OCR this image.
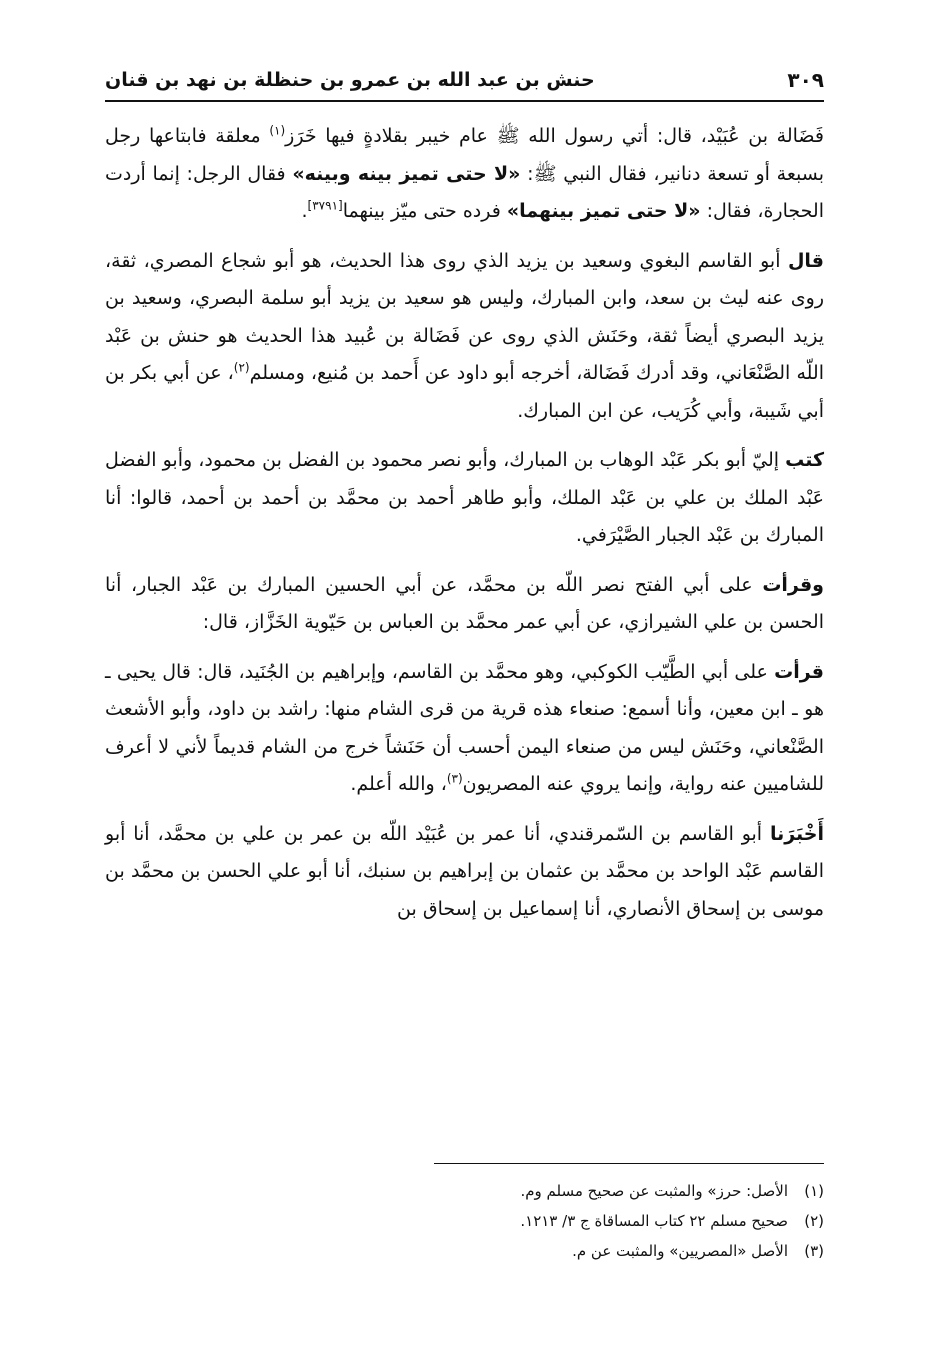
حنش بن عبد الله بن عمرو بن حنظلة بن نهد بن قنان	٣٠٩

فَضَالة بن عُبَيْد، قال: أتي رسول الله ﷺ عام خيبر بقلادةٍ فيها خَرَز$^{(١)}$ معلقة فابتاعها رجل بسبعة أو تسعة دنانير، فقال النبي ﷺ: «لا حتى تميز بينه وبينه» فقال الرجل: إنما أردت الحجارة، فقال: «لا حتى تميز بينهما» فرده حتى ميّز بينهما[٣٧٩١].

قال أبو القاسم البغوي وسعيد بن يزيد الذي روى هذا الحديث، هو أبو شجاع المصري، ثقة، روى عنه ليث بن سعد، وابن المبارك، وليس هو سعيد بن يزيد أبو سلمة البصري، وسعيد بن يزيد البصري أيضاً ثقة، وحَنَش الذي روى عن فَضَالة بن عُبيد هذا الحديث هو حنش بن عَبْد اللّه الصَّنْعَاني، وقد أدرك فَضَالة، أخرجه أبو داود عن أَحمد بن مُنيع، ومسلم$^{(٢)}$، عن أبي بكر بن أبي شَيبة، وأبي كُرَيب، عن ابن المبارك.

كتب إليّ أبو بكر عَبْد الوهاب بن المبارك، وأبو نصر محمود بن الفضل بن محمود، وأبو الفضل عَبْد الملك بن علي بن عَبْد الملك، وأبو طاهر أحمد بن محمَّد بن أحمد بن أحمد، قالوا: أنا المبارك بن عَبْد الجبار الصَّيْرَفي.

وقرأت على أبي الفتح نصر اللّه بن محمَّد، عن أبي الحسين المبارك بن عَبْد الجبار، أنا الحسن بن علي الشيرازي، عن أبي عمر محمَّد بن العباس بن حَيّوية الخَزَّاز، قال:

قرأت على أبي الطَّيّب الكوكبي، وهو محمَّد بن القاسم، وإبراهيم بن الجُنَيد، قال: قال يحيى ـ هو ـ ابن معين، وأنا أسمع: صنعاء هذه قرية من قرى الشام منها: راشد بن داود، وأبو الأشعث الصَّنْعاني، وحَنَش ليس من صنعاء اليمن أحسب أن حَنَشاً خرج من الشام قديماً لأني لا أعرف للشاميين عنه رواية، وإنما يروي عنه المصريون$^{(٣)}$، والله أعلم.

أَخْبَرَنا أبو القاسم بن السّمرقندي، أنا عمر بن عُبَيْد اللّه بن عمر بن علي بن محمَّد، أنا أبو القاسم عَبْد الواحد بن محمَّد بن عثمان بن إبراهيم بن سنبك، أنا أبو علي الحسن بن محمَّد بن موسى بن إسحاق الأنصاري، أنا إسماعيل بن إسحاق بن

(١)
الأصل: حرز» والمثبت عن صحيح مسلم وم.
(٢)
صحيح مسلم ٢٢ كتاب المساقاة ج ٣/ ١٢١٣.
(٣)
الأصل «المصريين» والمثبت عن م.
